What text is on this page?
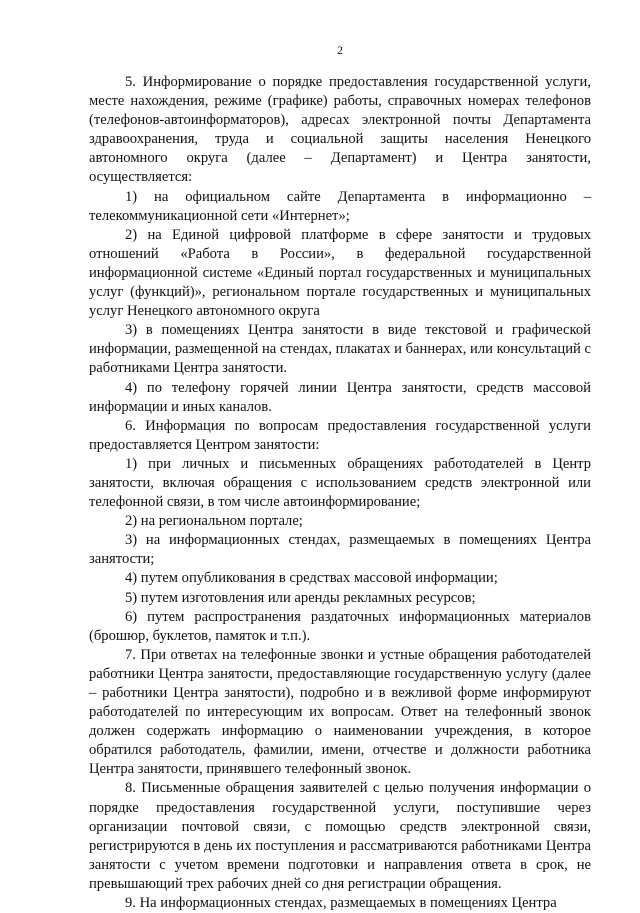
2

5. Информирование о порядке предоставления государственной услуги, месте нахождения, режиме (графике) работы, справочных номерах телефонов (телефонов-автоинформаторов), адресах электронной почты Департамента здравоохранения, труда и социальной защиты населения Ненецкого автономного округа (далее – Департамент) и Центра занятости, осуществляется:

1) на официальном сайте Департамента в информационно – телекоммуникационной сети «Интернет»;

2) на Единой цифровой платформе в сфере занятости и трудовых отношений «Работа в России», в федеральной государственной информационной системе «Единый портал государственных и муниципальных услуг (функций)», региональном портале государственных и муниципальных услуг Ненецкого автономного округа

3) в помещениях Центра занятости в виде текстовой и графической информации, размещенной на стендах, плакатах и баннерах, или консультаций с работниками Центра занятости.

4) по телефону горячей линии Центра занятости, средств массовой информации и иных каналов.

6. Информация по вопросам предоставления государственной услуги предоставляется Центром занятости:

1) при личных и письменных обращениях работодателей в Центр занятости, включая обращения с использованием средств электронной или телефонной связи, в том числе автоинформирование;

2) на региональном портале;

3) на информационных стендах, размещаемых в помещениях Центра занятости;

4) путем опубликования в средствах массовой информации;

5) путем изготовления или аренды рекламных ресурсов;

6) путем распространения раздаточных информационных материалов (брошюр, буклетов, памяток и т.п.).

7. При ответах на телефонные звонки и устные обращения работодателей работники Центра занятости, предоставляющие государственную услугу (далее – работники Центра занятости), подробно и в вежливой форме информируют работодателей по интересующим их вопросам. Ответ на телефонный звонок должен содержать информацию о наименовании учреждения, в которое обратился работодатель, фамилии, имени, отчестве и должности работника Центра занятости, принявшего телефонный звонок.

8. Письменные обращения заявителей с целью получения информации о порядке предоставления государственной услуги, поступившие через организации почтовой связи, с помощью средств электронной связи, регистрируются в день их поступления и рассматриваются работниками Центра занятости с учетом времени подготовки и направления ответа в срок, не превышающий трех рабочих дней со дня регистрации обращения.

9. На информационных стендах, размещаемых в помещениях Центра
